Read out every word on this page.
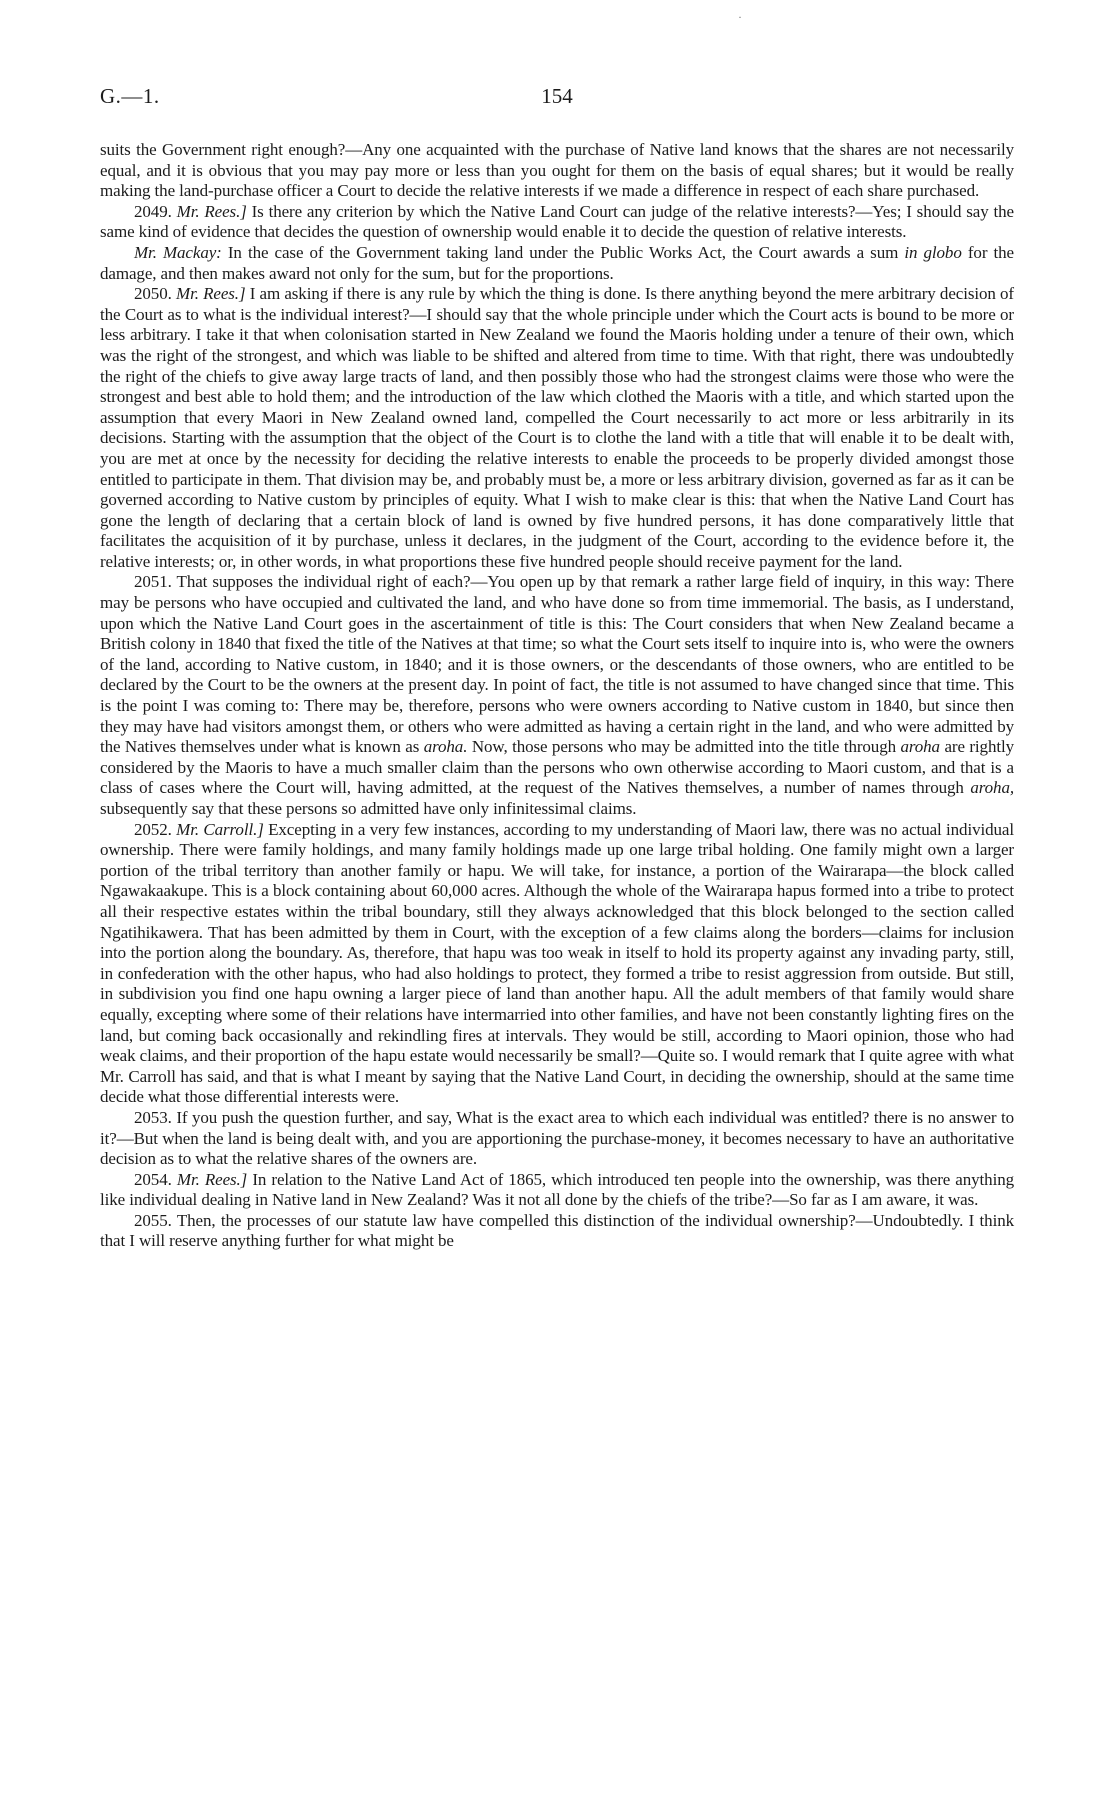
·
G.—1.	154

suits the Government right enough?—Any one acquainted with the purchase of Native land knows that the shares are not necessarily equal, and it is obvious that you may pay more or less than you ought for them on the basis of equal shares; but it would be really making the land-purchase officer a Court to decide the relative interests if we made a difference in respect of each share purchased.

2049. Mr. Rees.] Is there any criterion by which the Native Land Court can judge of the relative interests?—Yes; I should say the same kind of evidence that decides the question of ownership would enable it to decide the question of relative interests.

Mr. Mackay: In the case of the Government taking land under the Public Works Act, the Court awards a sum in globo for the damage, and then makes award not only for the sum, but for the proportions.

2050. Mr. Rees.] I am asking if there is any rule by which the thing is done. Is there anything beyond the mere arbitrary decision of the Court as to what is the individual interest?—I should say that the whole principle under which the Court acts is bound to be more or less arbitrary. I take it that when colonisation started in New Zealand we found the Maoris holding under a tenure of their own, which was the right of the strongest, and which was liable to be shifted and altered from time to time. With that right, there was undoubtedly the right of the chiefs to give away large tracts of land, and then possibly those who had the strongest claims were those who were the strongest and best able to hold them; and the introduction of the law which clothed the Maoris with a title, and which started upon the assumption that every Maori in New Zealand owned land, compelled the Court necessarily to act more or less arbitrarily in its decisions. Starting with the assumption that the object of the Court is to clothe the land with a title that will enable it to be dealt with, you are met at once by the necessity for deciding the relative interests to enable the proceeds to be properly divided amongst those entitled to participate in them. That division may be, and probably must be, a more or less arbitrary division, governed as far as it can be governed according to Native custom by principles of equity. What I wish to make clear is this: that when the Native Land Court has gone the length of declaring that a certain block of land is owned by five hundred persons, it has done comparatively little that facilitates the acquisition of it by purchase, unless it declares, in the judgment of the Court, according to the evidence before it, the relative interests; or, in other words, in what proportions these five hundred people should receive payment for the land.

2051. That supposes the individual right of each?—You open up by that remark a rather large field of inquiry, in this way: There may be persons who have occupied and cultivated the land, and who have done so from time immemorial. The basis, as I understand, upon which the Native Land Court goes in the ascertainment of title is this: The Court considers that when New Zealand became a British colony in 1840 that fixed the title of the Natives at that time; so what the Court sets itself to inquire into is, who were the owners of the land, according to Native custom, in 1840; and it is those owners, or the descendants of those owners, who are entitled to be declared by the Court to be the owners at the present day. In point of fact, the title is not assumed to have changed since that time. This is the point I was coming to: There may be, therefore, persons who were owners according to Native custom in 1840, but since then they may have had visitors amongst them, or others who were admitted as having a certain right in the land, and who were admitted by the Natives themselves under what is known as aroha. Now, those persons who may be admitted into the title through aroha are rightly considered by the Maoris to have a much smaller claim than the persons who own otherwise according to Maori custom, and that is a class of cases where the Court will, having admitted, at the request of the Natives themselves, a number of names through aroha, subsequently say that these persons so admitted have only infinitessimal claims.

2052. Mr. Carroll.] Excepting in a very few instances, according to my understanding of Maori law, there was no actual individual ownership. There were family holdings, and many family holdings made up one large tribal holding. One family might own a larger portion of the tribal territory than another family or hapu. We will take, for instance, a portion of the Wairarapa—the block called Ngawakaakupe. This is a block containing about 60,000 acres. Although the whole of the Wairarapa hapus formed into a tribe to protect all their respective estates within the tribal boundary, still they always acknowledged that this block belonged to the section called Ngatihikawera. That has been admitted by them in Court, with the exception of a few claims along the borders—claims for inclusion into the portion along the boundary. As, therefore, that hapu was too weak in itself to hold its property against any invading party, still, in confederation with the other hapus, who had also holdings to protect, they formed a tribe to resist aggression from outside. But still, in subdivision you find one hapu owning a larger piece of land than another hapu. All the adult members of that family would share equally, excepting where some of their relations have intermarried into other families, and have not been constantly lighting fires on the land, but coming back occasionally and rekindling fires at intervals. They would be still, according to Maori opinion, those who had weak claims, and their proportion of the hapu estate would necessarily be small?—Quite so. I would remark that I quite agree with what Mr. Carroll has said, and that is what I meant by saying that the Native Land Court, in deciding the ownership, should at the same time decide what those differential interests were.

2053. If you push the question further, and say, What is the exact area to which each individual was entitled? there is no answer to it?—But when the land is being dealt with, and you are apportioning the purchase-money, it becomes necessary to have an authoritative decision as to what the relative shares of the owners are.

2054. Mr. Rees.] In relation to the Native Land Act of 1865, which introduced ten people into the ownership, was there anything like individual dealing in Native land in New Zealand? Was it not all done by the chiefs of the tribe?—So far as I am aware, it was.

2055. Then, the processes of our statute law have compelled this distinction of the individual ownership?—Undoubtedly. I think that I will reserve anything further for what might be
